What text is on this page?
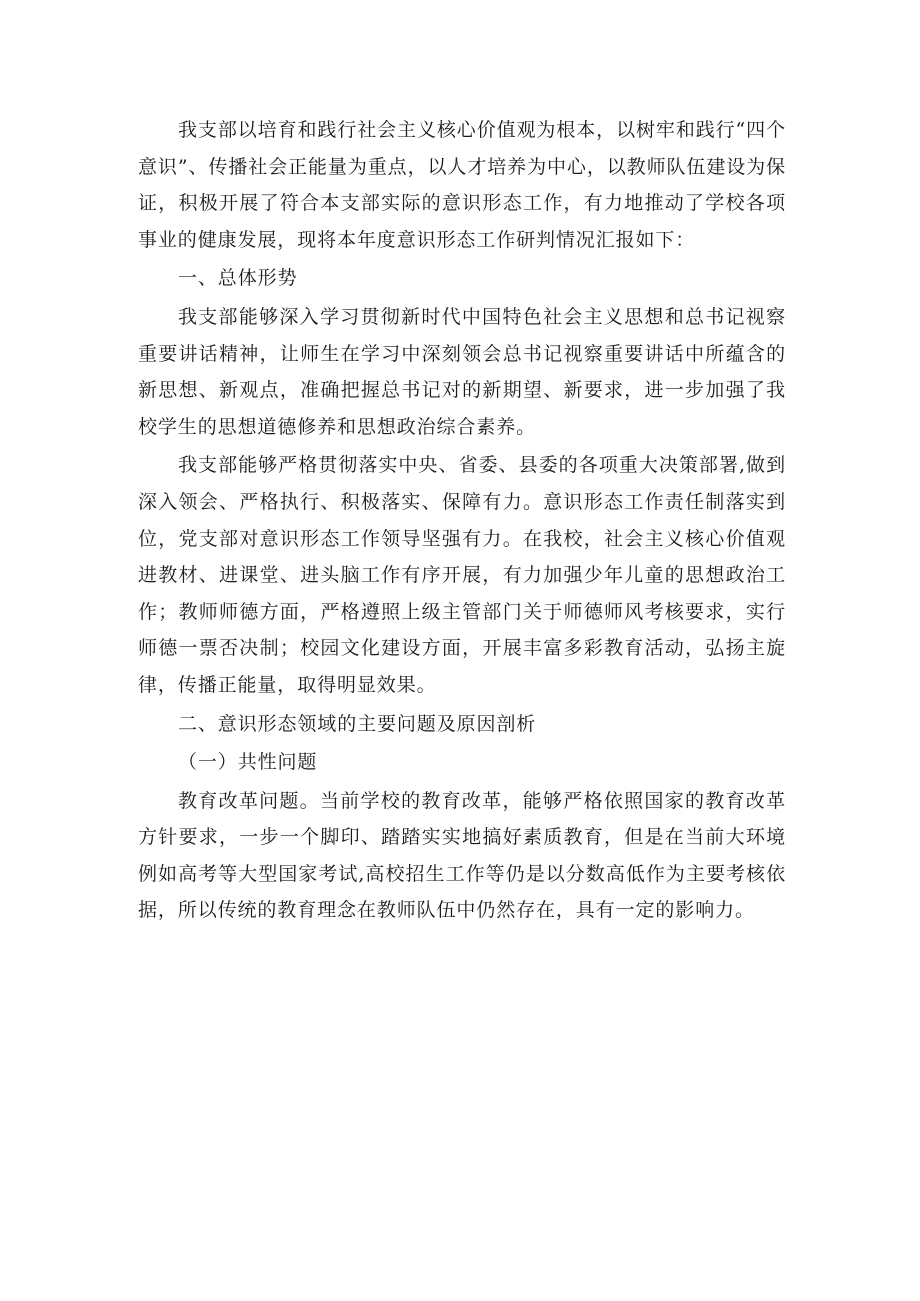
我支部以培育和践行社会主义核心价值观为根本，以树牢和践行“四个意识”、传播社会正能量为重点，以人才培养为中心，以教师队伍建设为保证，积极开展了符合本支部实际的意识形态工作，有力地推动了学校各项事业的健康发展，现将本年度意识形态工作研判情况汇报如下：

一、总体形势

我支部能够深入学习贯彻新时代中国特色社会主义思想和总书记视察重要讲话精神，让师生在学习中深刻领会总书记视察重要讲话中所蕴含的新思想、新观点，准确把握总书记对的新期望、新要求，进一步加强了我校学生的思想道德修养和思想政治综合素养。

我支部能够严格贯彻落实中央、省委、县委的各项重大决策部署,做到深入领会、严格执行、积极落实、保障有力。意识形态工作责任制落实到位，党支部对意识形态工作领导坚强有力。在我校，社会主义核心价值观进教材、进课堂、进头脑工作有序开展，有力加强少年儿童的思想政治工作；教师师德方面，严格遵照上级主管部门关于师德师风考核要求，实行师德一票否决制；校园文化建设方面，开展丰富多彩教育活动，弘扬主旋律，传播正能量，取得明显效果。

二、意识形态领域的主要问题及原因剖析

（一）共性问题

教育改革问题。当前学校的教育改革，能够严格依照国家的教育改革方针要求，一步一个脚印、踏踏实实地搞好素质教育，但是在当前大环境例如高考等大型国家考试,高校招生工作等仍是以分数高低作为主要考核依据，所以传统的教育理念在教师队伍中仍然存在，具有一定的影响力。
